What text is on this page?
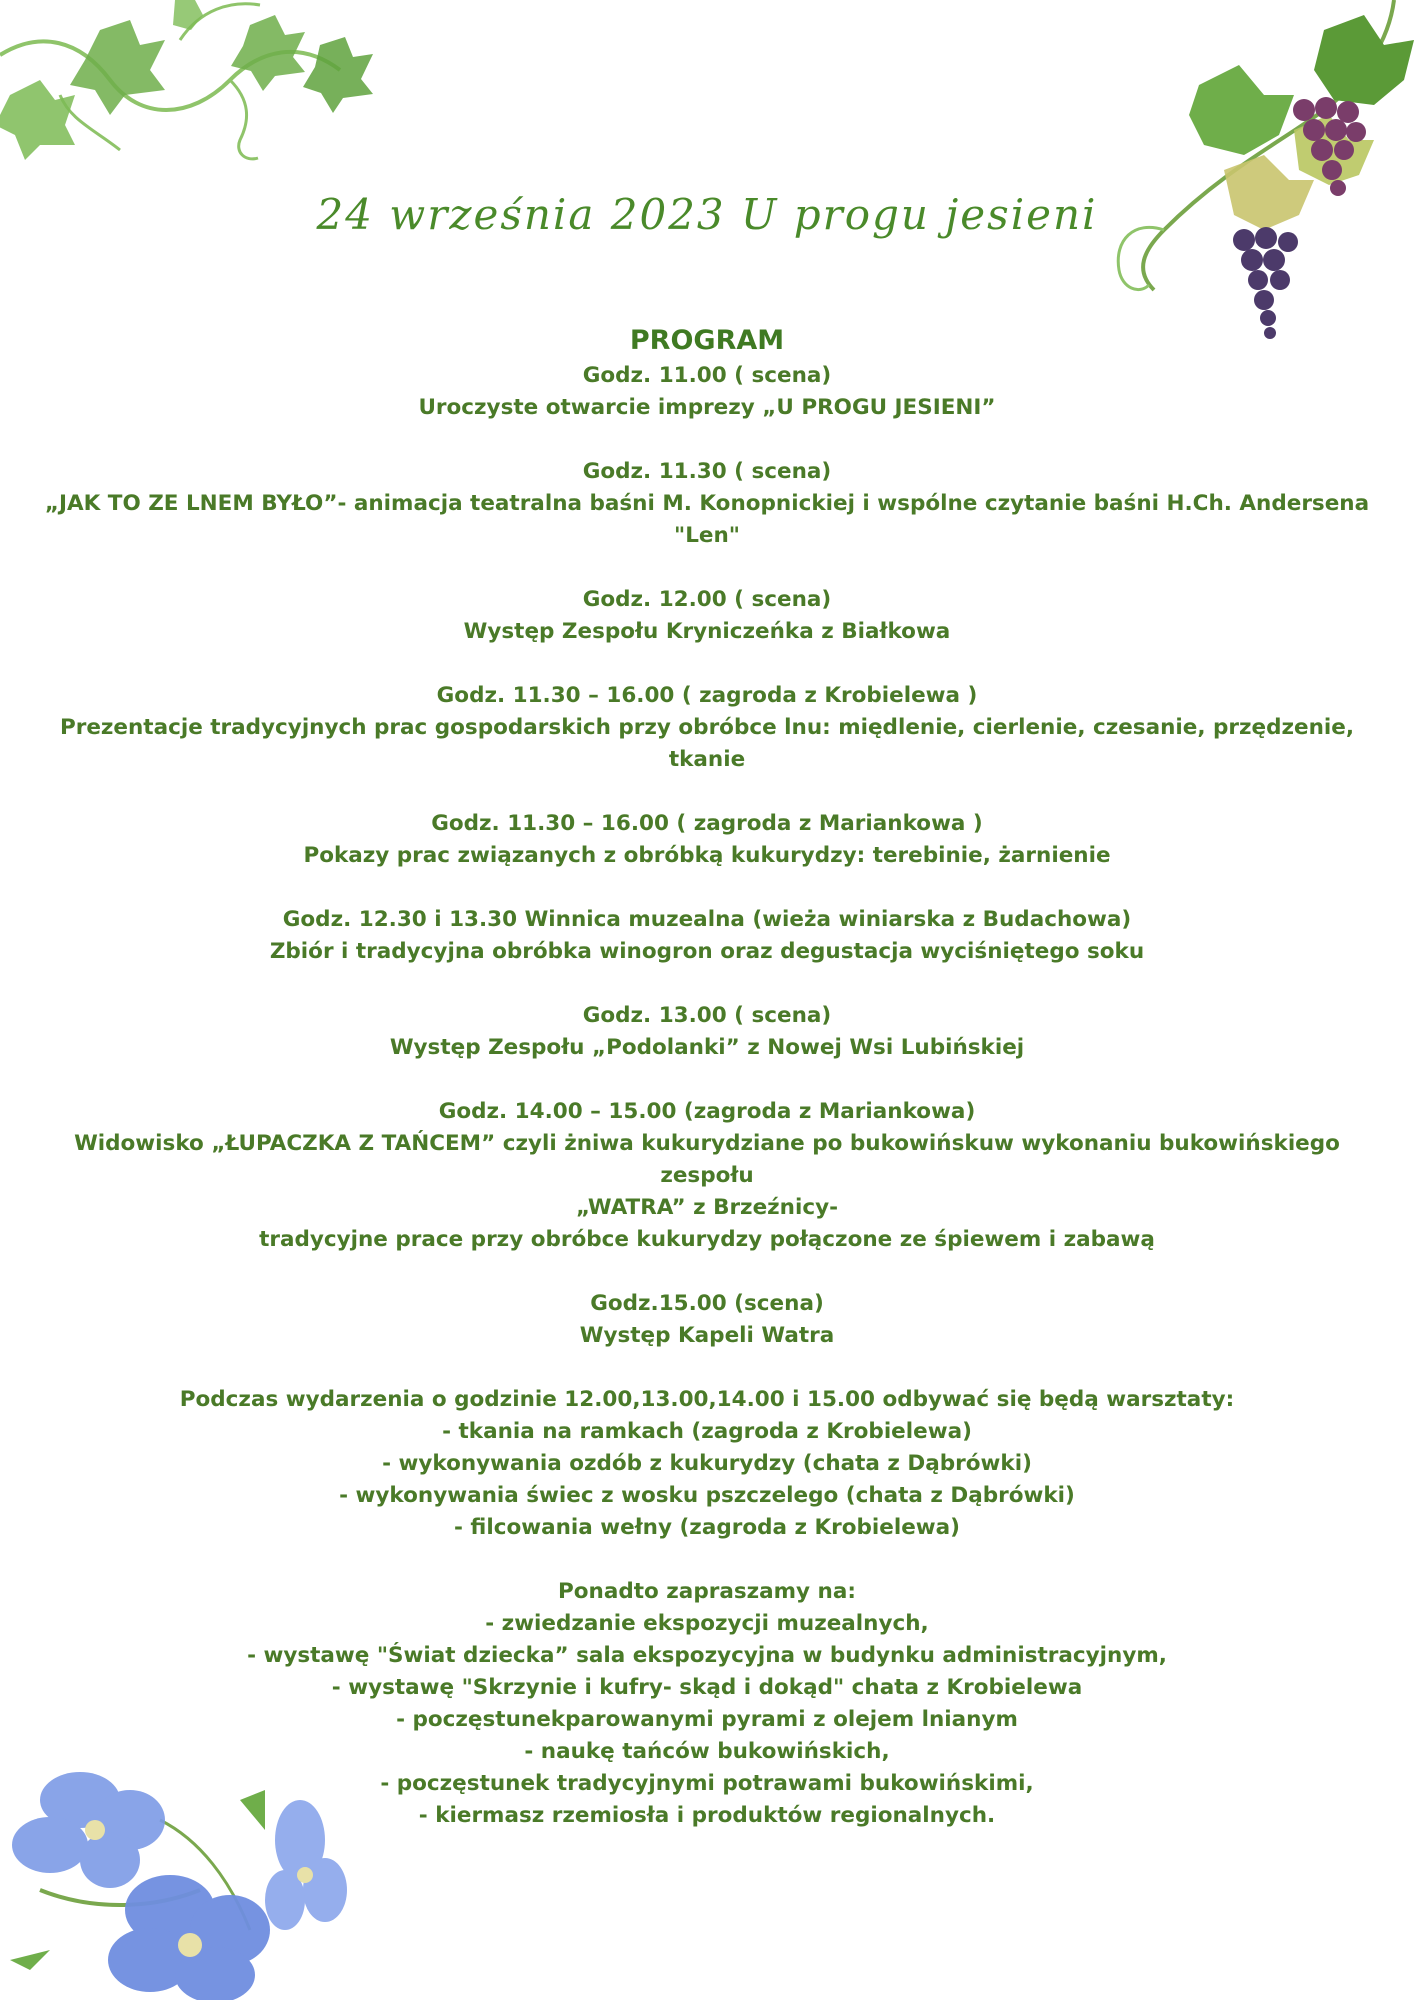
24 września 2023 U progu jesieni
PROGRAM
Godz. 11.00 ( scena)
Uroczyste otwarcie imprezy „U PROGU JESIENI”
Godz. 11.30 ( scena)
„JAK TO ZE LNEM BYŁO”- animacja teatralna baśni M. Konopnickiej i wspólne czytanie baśni H.Ch. Andersena
"Len"
Godz. 12.00 ( scena)
Występ Zespołu Kryniczeńka z Białkowa
Godz. 11.30 – 16.00 ( zagroda z Krobielewa )
Prezentacje tradycyjnych prac gospodarskich przy obróbce lnu: międlenie, cierlenie, czesanie, przędzenie, tkanie
Godz. 11.30 – 16.00 ( zagroda z Mariankowa )
Pokazy prac związanych z obróbką kukurydzy: terebinie, żarnienie
Godz. 12.30 i 13.30 Winnica muzealna (wieża winiarska z Budachowa)
Zbiór i tradycyjna obróbka winogron oraz degustacja wyciśniętego soku
Godz. 13.00 ( scena)
Występ Zespołu „Podolanki” z Nowej Wsi Lubińskiej
Godz. 14.00 – 15.00 (zagroda z Mariankowa)
Widowisko „ŁUPACZKA Z TAŃCEM” czyli żniwa kukurydziane po bukowińskuw wykonaniu bukowińskiego zespołu
„WATRA” z Brzeźnicy-
tradycyjne prace przy obróbce kukurydzy połączone ze śpiewem i zabawą
Godz.15.00 (scena)
Występ Kapeli Watra
Podczas wydarzenia o godzinie 12.00,13.00,14.00 i 15.00 odbywać się będą warsztaty:
- tkania na ramkach (zagroda z Krobielewa)
- wykonywania ozdób z kukurydzy (chata z Dąbrówki)
- wykonywania świec z wosku pszczelego (chata z Dąbrówki)
- filcowania wełny (zagroda z Krobielewa)
Ponadto zapraszamy na:
- zwiedzanie ekspozycji muzealnych,
- wystawę "Świat dziecka” sala ekspozycyjna w budynku administracyjnym,
- wystawę "Skrzynie i kufry- skąd i dokąd" chata z Krobielewa
- poczęstunekparowanymi pyrami z olejem lnianym
- naukę tańców bukowińskich,
- poczęstunek tradycyjnymi potrawami bukowińskimi,
- kiermasz rzemiosła i produktów regionalnych.
